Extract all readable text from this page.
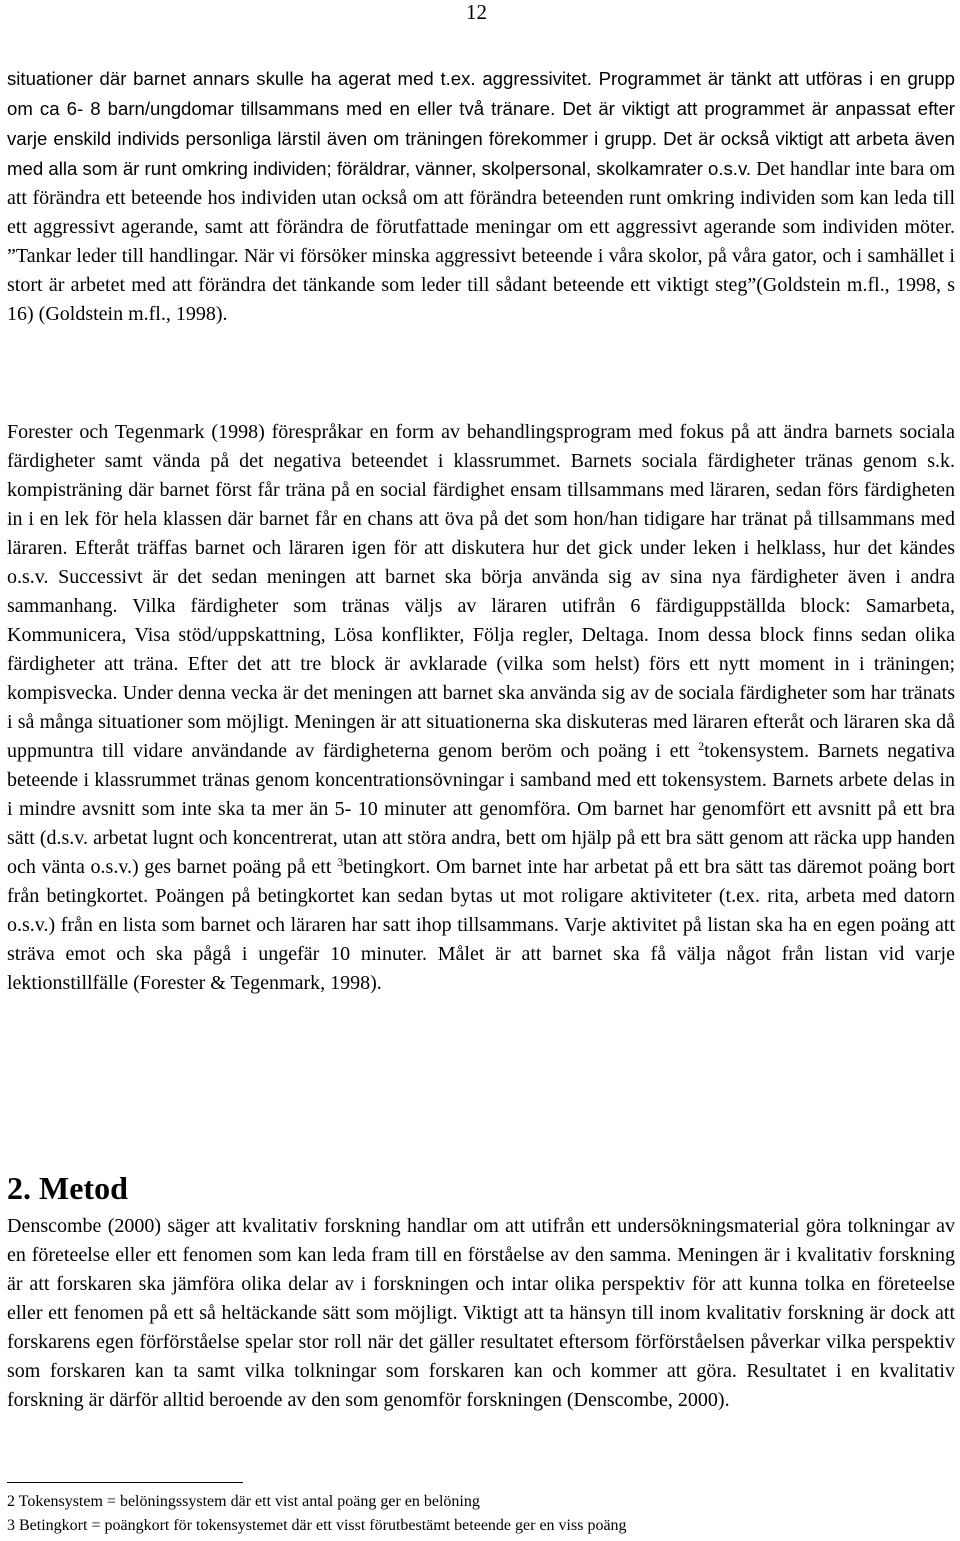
12

situationer där barnet annars skulle ha agerat med t.ex. aggressivitet. Programmet är tänkt att utföras i en grupp om ca 6- 8 barn/ungdomar tillsammans med en eller två tränare. Det är viktigt att programmet är anpassat efter varje enskild individs personliga lärstil även om träningen förekommer i grupp. Det är också viktigt att arbeta även med alla som är runt omkring individen; föräldrar, vänner, skolpersonal, skolkamrater o.s.v. Det handlar inte bara om att förändra ett beteende hos individen utan också om att förändra beteenden runt omkring individen som kan leda till ett aggressivt agerande, samt att förändra de förutfattade meningar om ett aggressivt agerande som individen möter. ”Tankar leder till handlingar. När vi försöker minska aggressivt beteende i våra skolor, på våra gator, och i samhället i stort är arbetet med att förändra det tänkande som leder till sådant beteende ett viktigt steg”(Goldstein m.fl., 1998, s 16) (Goldstein m.fl., 1998).

Forester och Tegenmark (1998) förespråkar en form av behandlingsprogram med fokus på att ändra barnets sociala färdigheter samt vända på det negativa beteendet i klassrummet. Barnets sociala färdigheter tränas genom s.k. kompisträning där barnet först får träna på en social färdighet ensam tillsammans med läraren, sedan förs färdigheten in i en lek för hela klassen där barnet får en chans att öva på det som hon/han tidigare har tränat på tillsammans med läraren. Efteråt träffas barnet och läraren igen för att diskutera hur det gick under leken i helklass, hur det kändes o.s.v. Successivt är det sedan meningen att barnet ska börja använda sig av sina nya färdigheter även i andra sammanhang. Vilka färdigheter som tränas väljs av läraren utifrån 6 färdiguppställda block: Samarbeta, Kommunicera, Visa stöd/uppskattning, Lösa konflikter, Följa regler, Deltaga. Inom dessa block finns sedan olika färdigheter att träna. Efter det att tre block är avklarade (vilka som helst) förs ett nytt moment in i träningen; kompisvecka. Under denna vecka är det meningen att barnet ska använda sig av de sociala färdigheter som har tränats i så många situationer som möjligt. Meningen är att situationerna ska diskuteras med läraren efteråt och läraren ska då uppmuntra till vidare användande av färdigheterna genom beröm och poäng i ett $^2$tokensystem. Barnets negativa beteende i klassrummet tränas genom koncentrationsövningar i samband med ett tokensystem. Barnets arbete delas in i mindre avsnitt som inte ska ta mer än 5- 10 minuter att genomföra. Om barnet har genomfört ett avsnitt på ett bra sätt (d.s.v. arbetat lugnt och koncentrerat, utan att störa andra, bett om hjälp på ett bra sätt genom att räcka upp handen och vänta o.s.v.) ges barnet poäng på ett $^3$betingkort. Om barnet inte har arbetat på ett bra sätt tas däremot poäng bort från betingkortet. Poängen på betingkortet kan sedan bytas ut mot roligare aktiviteter (t.ex. rita, arbeta med datorn o.s.v.) från en lista som barnet och läraren har satt ihop tillsammans. Varje aktivitet på listan ska ha en egen poäng att sträva emot och ska pågå i ungefär 10 minuter. Målet är att barnet ska få välja något från listan vid varje lektionstillfälle (Forester & Tegenmark, 1998).

2. Metod

Denscombe (2000) säger att kvalitativ forskning handlar om att utifrån ett undersökningsmaterial göra tolkningar av en företeelse eller ett fenomen som kan leda fram till en förståelse av den samma. Meningen är i kvalitativ forskning är att forskaren ska jämföra olika delar av i forskningen och intar olika perspektiv för att kunna tolka en företeelse eller ett fenomen på ett så heltäckande sätt som möjligt. Viktigt att ta hänsyn till inom kvalitativ forskning är dock att forskarens egen förförståelse spelar stor roll när det gäller resultatet eftersom förförståelsen påverkar vilka perspektiv som forskaren kan ta samt vilka tolkningar som forskaren kan och kommer att göra. Resultatet i en kvalitativ forskning är därför alltid beroende av den som genomför forskningen (Denscombe, 2000).

2 Tokensystem = belöningssystem där ett vist antal poäng ger en belöning

3 Betingkort = poängkort för tokensystemet där ett visst förutbestämt beteende ger en viss poäng
